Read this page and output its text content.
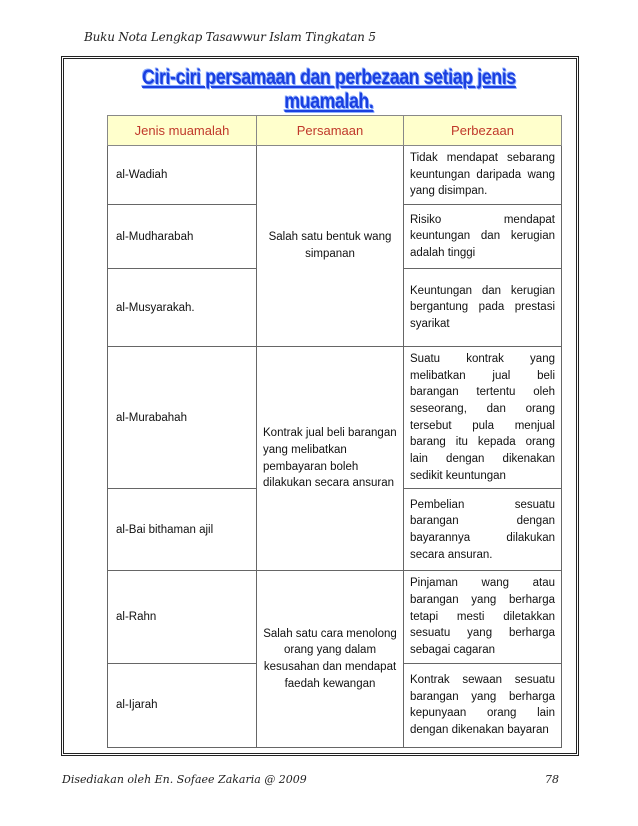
Buku Nota Lengkap Tasawwur Islam Tingkatan 5
Ciri-ciri persamaan dan perbezaan setiap jenis muamalah.
Jenis muamalah	Persamaan	Perbezaan
al-Wadiah	Salah satu bentuk wang simpanan	Tidak mendapat sebarang keuntungan daripada wang yang disimpan.
al-Mudharabah		Risiko mendapat keuntungan dan kerugian adalah tinggi
al-Musyarakah.		Keuntungan dan kerugian bergantung pada prestasi syarikat
al-Murabahah	Kontrak jual beli barangan yang melibatkan pembayaran boleh dilakukan secara ansuran	Suatu kontrak yang melibatkan jual beli barangan tertentu oleh seseorang, dan orang tersebut pula menjual barang itu kepada orang lain dengan dikenakan sedikit keuntungan
al-Bai bithaman ajil		Pembelian sesuatu barangan dengan bayarannya dilakukan secara ansuran.
al-Rahn	Salah satu cara menolong orang yang dalam kesusahan dan mendapat faedah kewangan	Pinjaman wang atau barangan yang berharga tetapi mesti diletakkan sesuatu yang berharga sebagai cagaran
al-Ijarah		Kontrak sewaan sesuatu barangan yang berharga kepunyaan orang lain dengan dikenakan bayaran
Disediakan oleh En. Sofaee Zakaria @ 2009	78
